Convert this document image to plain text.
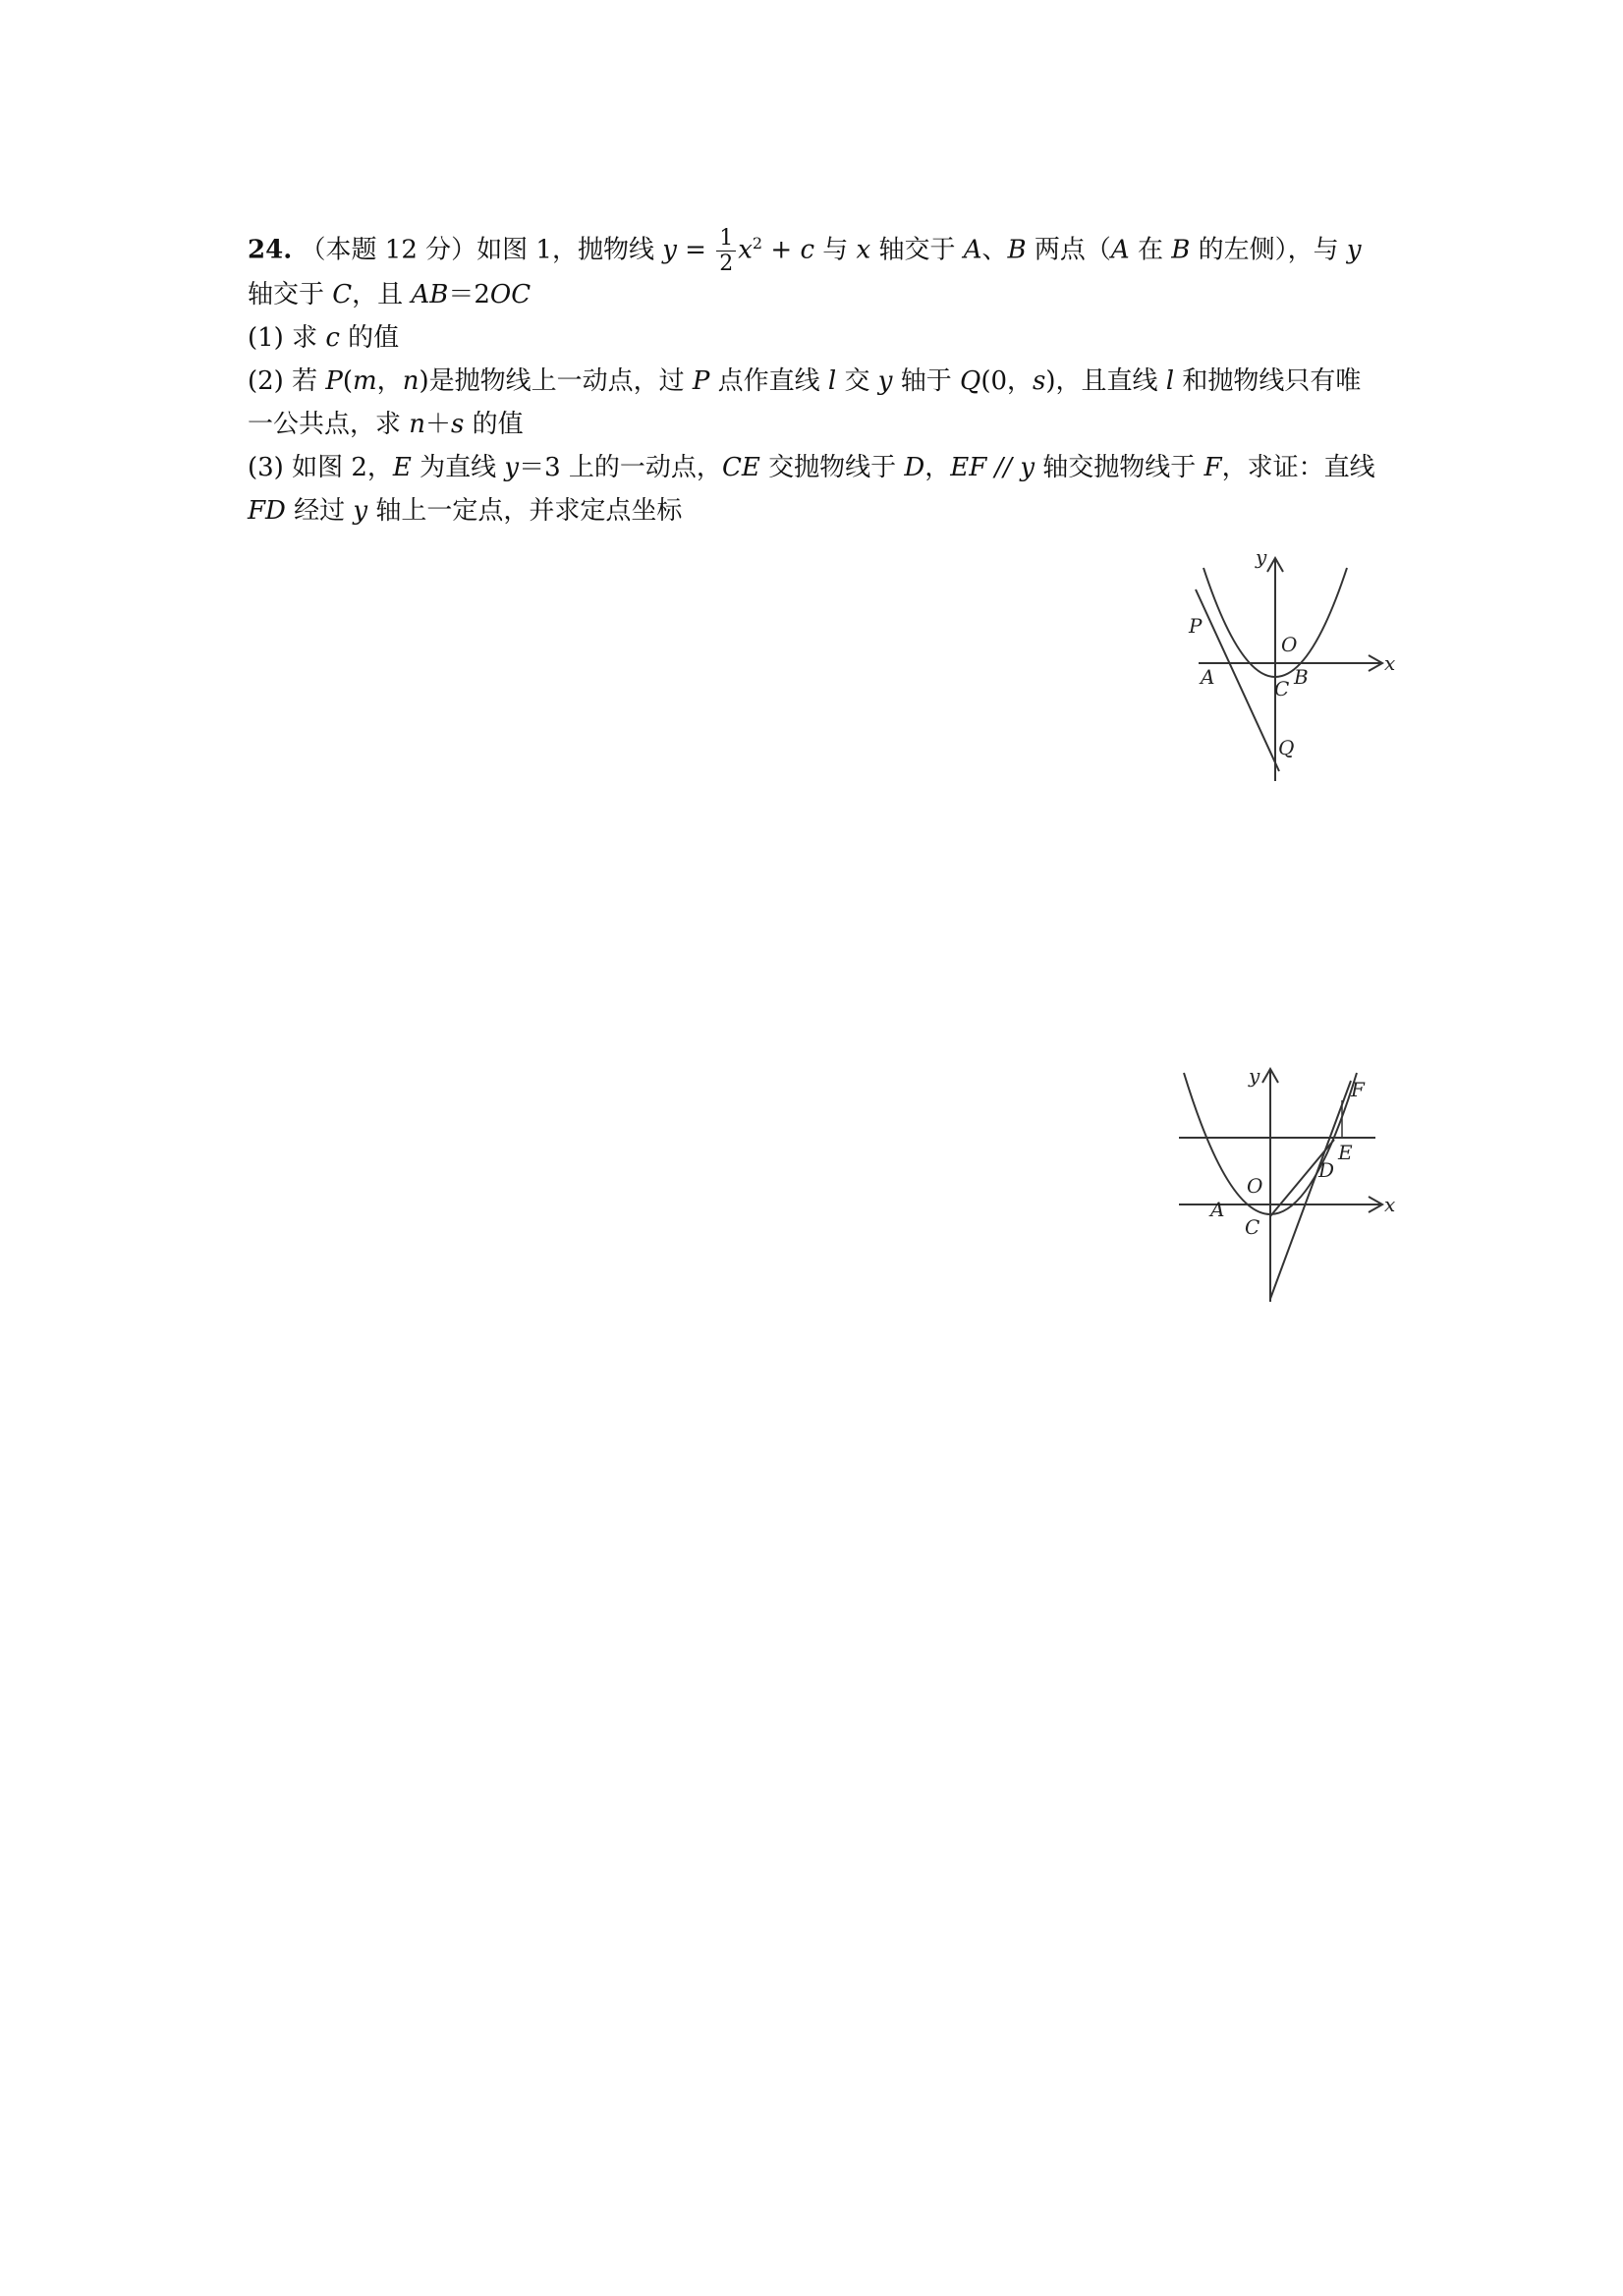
24. （本题 12 分）如图 1，抛物线 $y = \frac{1}{2} x^2 + c$ 与 x 轴交于 A、B 两点（A 在 B 的左侧），与 y
轴交于 C，且 AB＝2OC
(1) 求 c 的值
(2) 若 P(m，n)是抛物线上一动点，过 P 点作直线 l 交 y 轴于 Q(0，s)，且直线 l 和抛物线只有唯
一公共点，求 n＋s 的值
(3) 如图 2，E 为直线 y＝3 上的一动点，CE 交抛物线于 D，EF // y 轴交抛物线于 F，求证：直线
FD 经过 y 轴上一定点，并求定点坐标
y
x
O
P
A	B
C
Q
y
x
O
A
C
D
E
F
